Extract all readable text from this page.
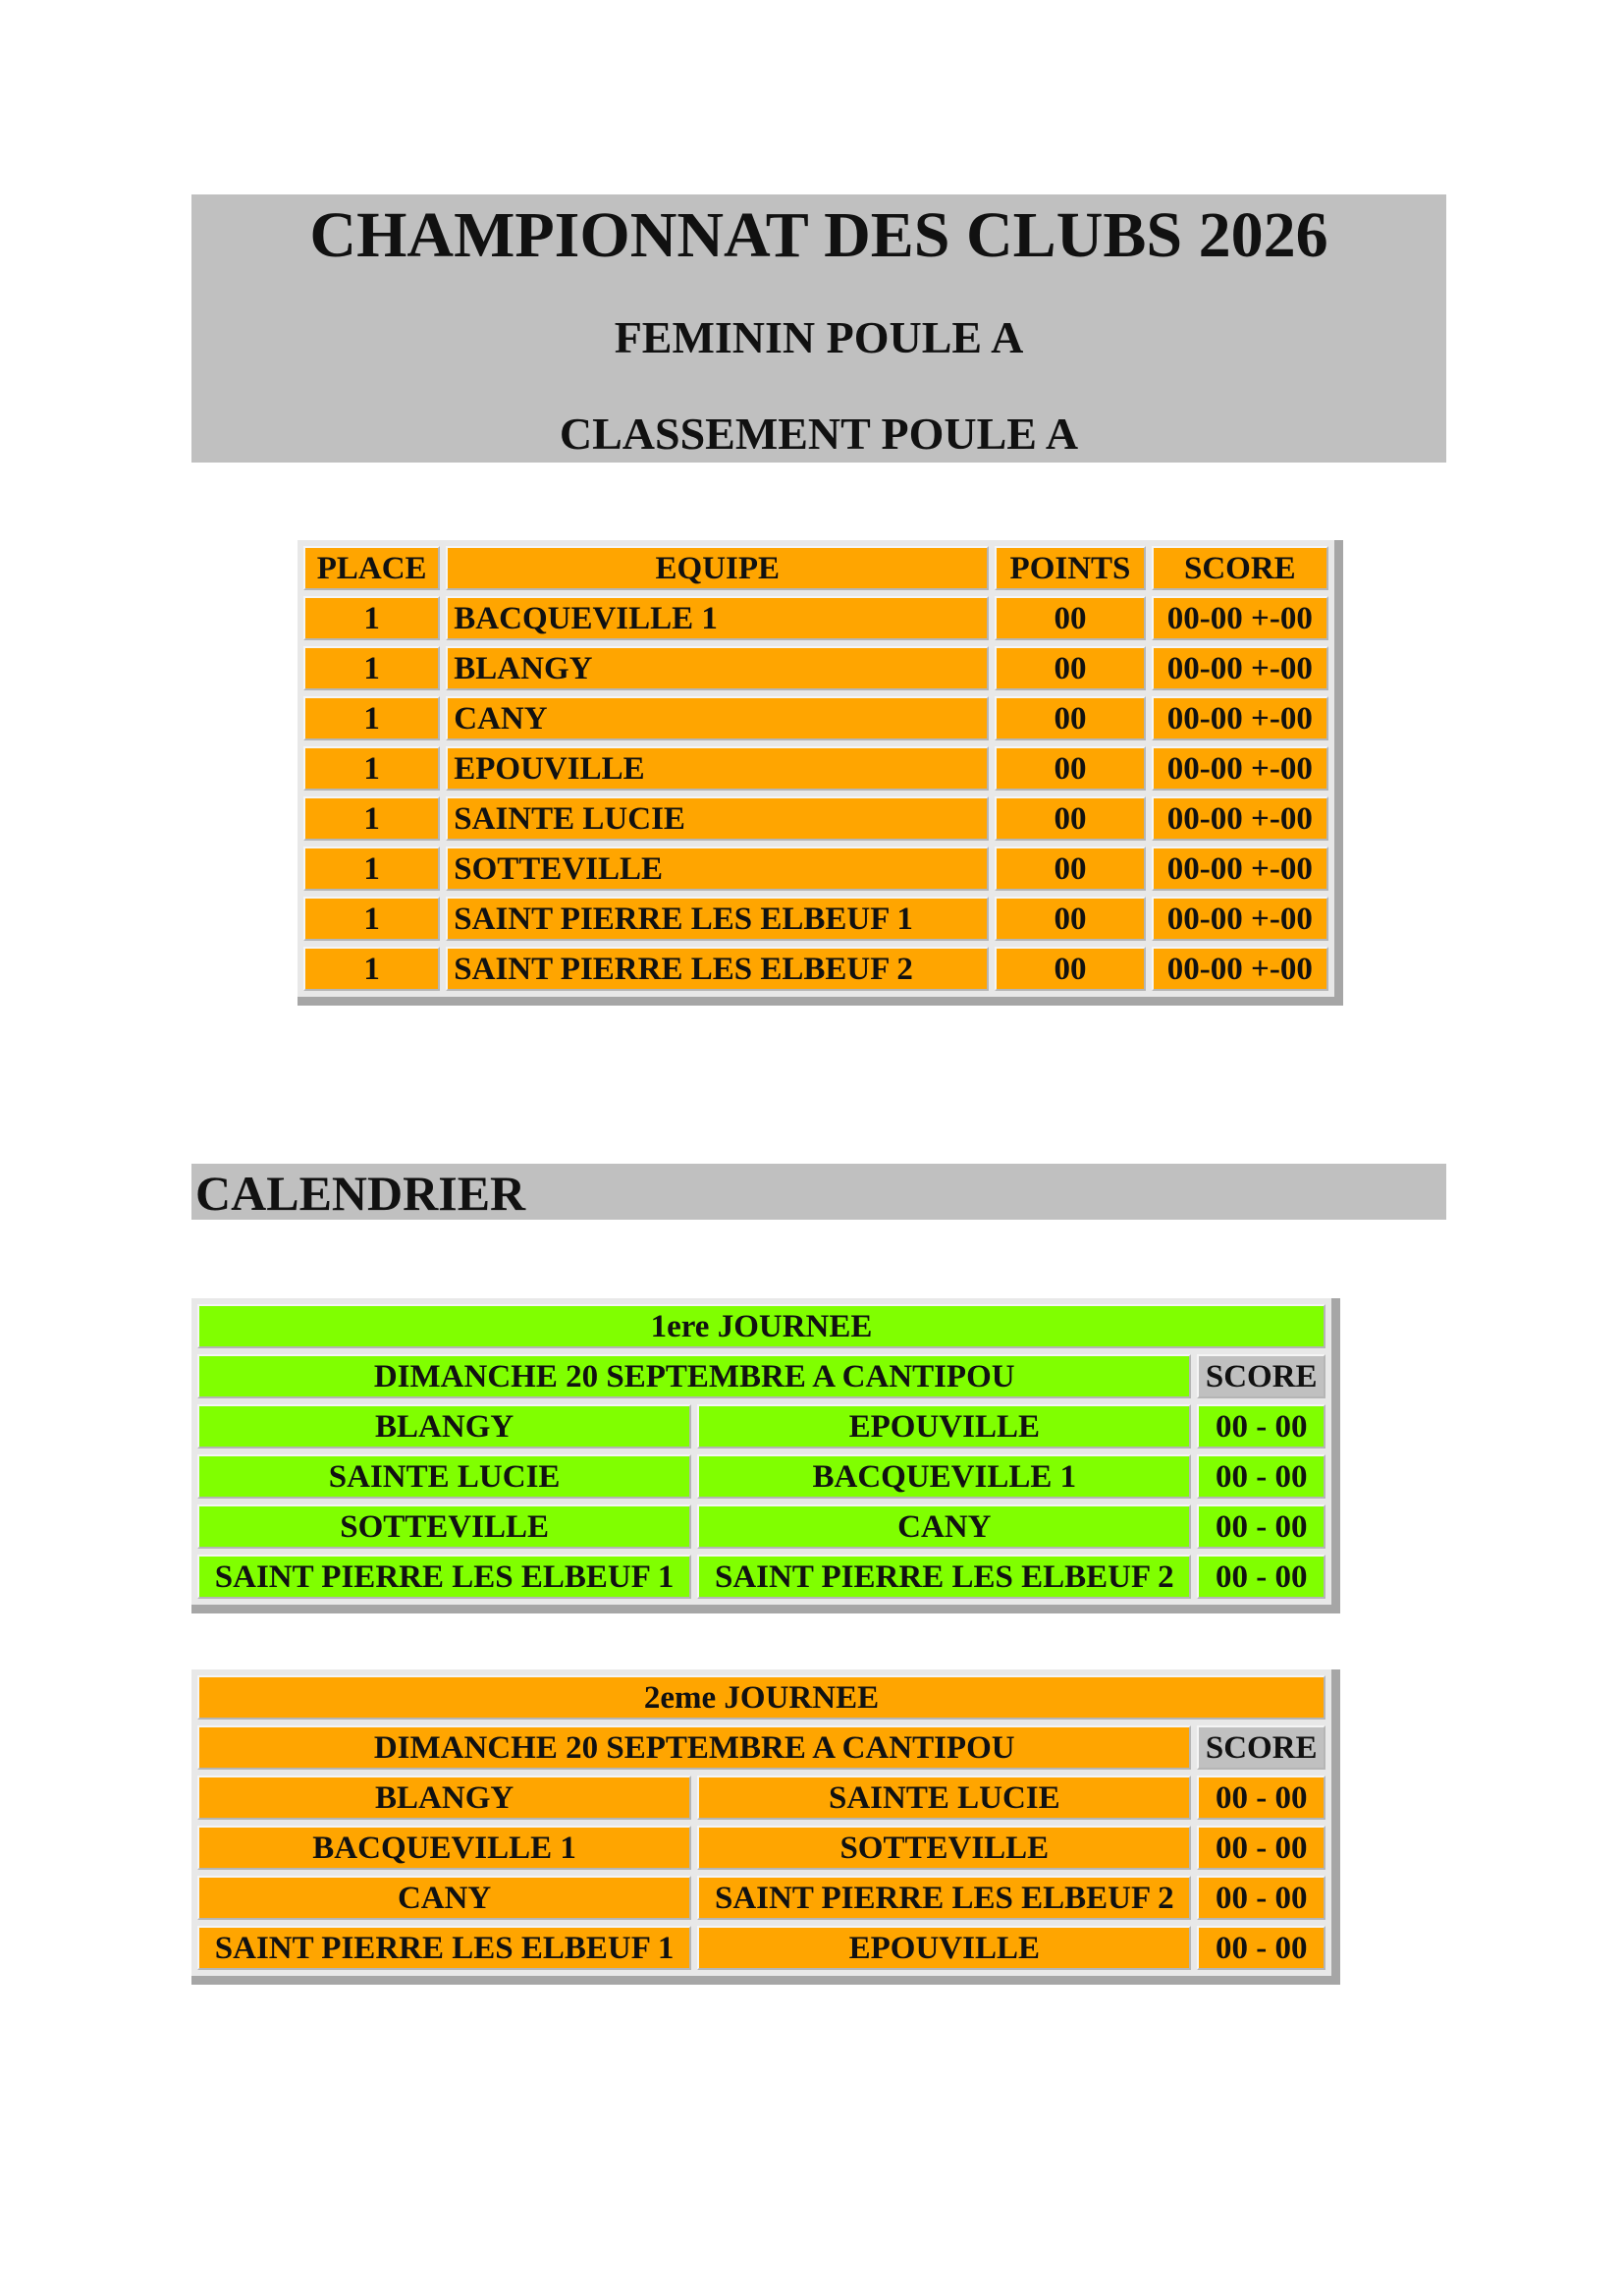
CHAMPIONNAT DES CLUBS 2026
FEMININ POULE A
CLASSEMENT POULE A
PLACE	EQUIPE	POINTS	SCORE
1	BACQUEVILLE 1	00	00-00 +-00
1	BLANGY	00	00-00 +-00
1	CANY	00	00-00 +-00
1	EPOUVILLE	00	00-00 +-00
1	SAINTE LUCIE	00	00-00 +-00
1	SOTTEVILLE	00	00-00 +-00
1	SAINT PIERRE LES ELBEUF 1	00	00-00 +-00
1	SAINT PIERRE LES ELBEUF 2	00	00-00 +-00
CALENDRIER
1ere JOURNEE		
DIMANCHE 20 SEPTEMBRE A CANTIPOU		SCORE
BLANGY	EPOUVILLE	00 - 00
SAINTE LUCIE	BACQUEVILLE 1	00 - 00
SOTTEVILLE	CANY	00 - 00
SAINT PIERRE LES ELBEUF 1	SAINT PIERRE LES ELBEUF 2	00 - 00
2eme JOURNEE		
DIMANCHE 20 SEPTEMBRE A CANTIPOU		SCORE
BLANGY	SAINTE LUCIE	00 - 00
BACQUEVILLE 1	SOTTEVILLE	00 - 00
CANY	SAINT PIERRE LES ELBEUF 2	00 - 00
SAINT PIERRE LES ELBEUF 1	EPOUVILLE	00 - 00
